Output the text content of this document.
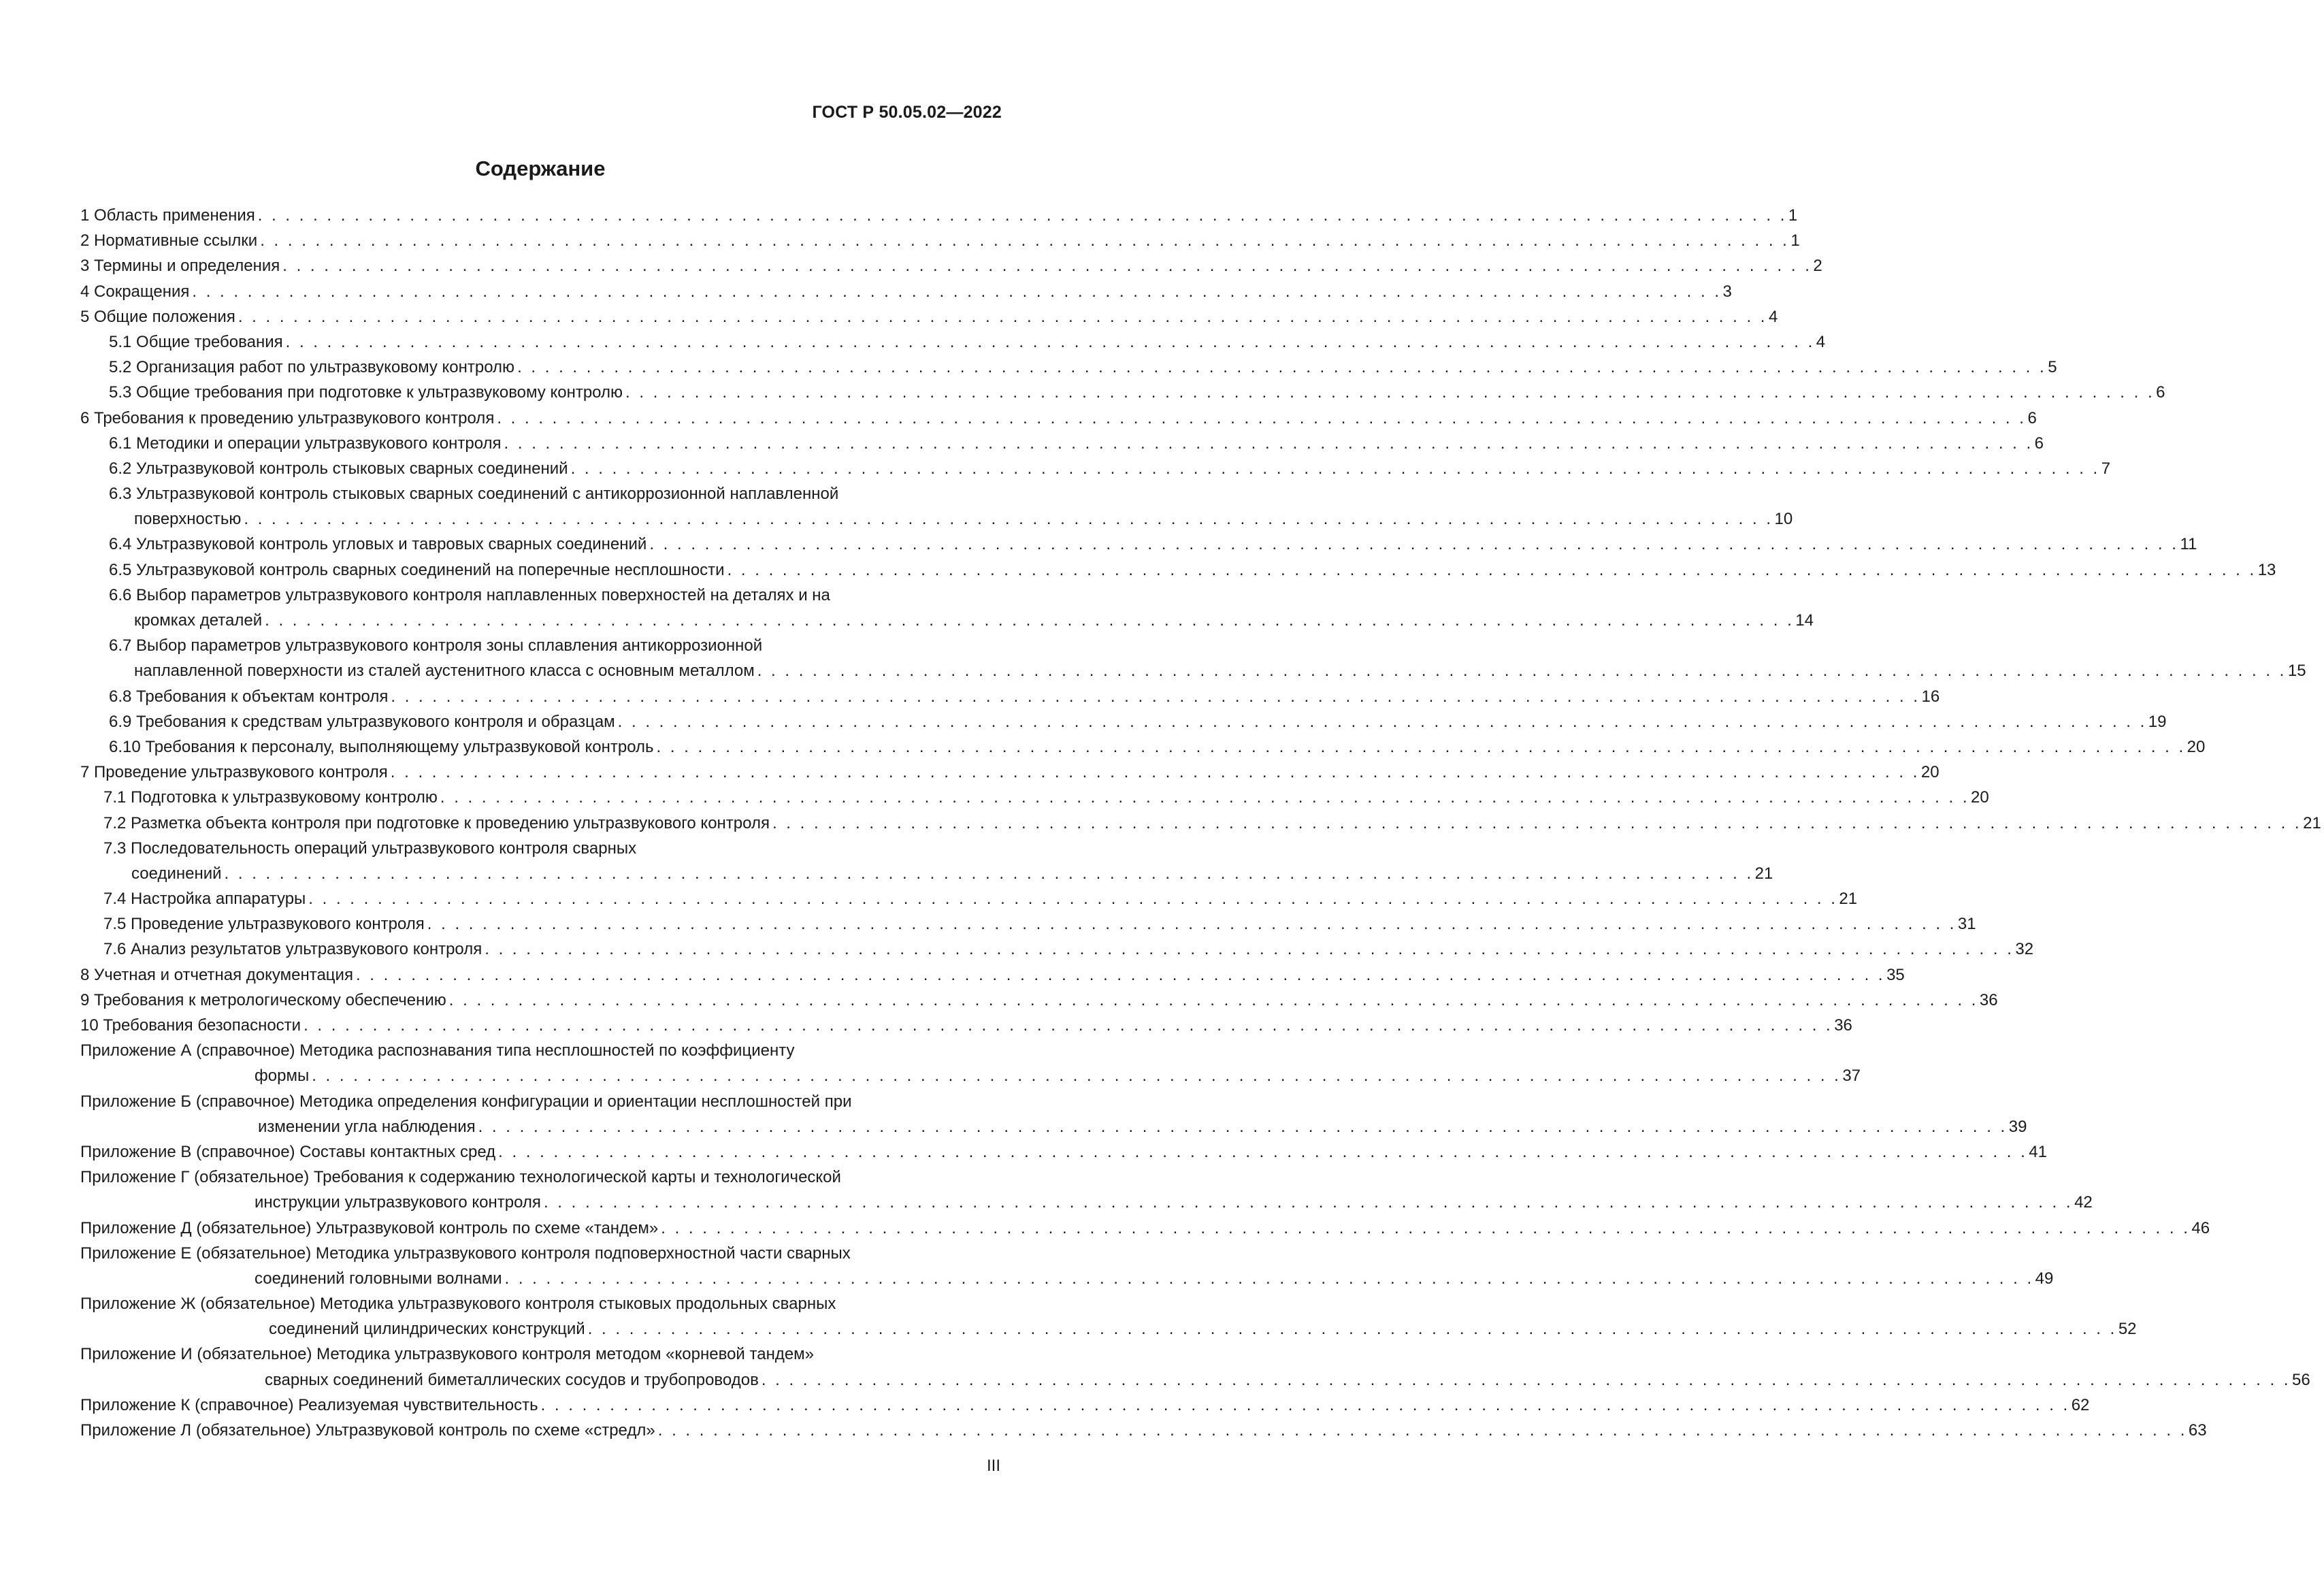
ГОСТ Р 50.05.02—2022

Содержание
1 Область применения . . . . . . . . . . . . . . . . . . . . . . . . . . . . . . . . . . . . . . . . . . . . . . . . . . . . . . . . . . . . . . . . . . . . . . . . . . . . . . . . . . . . . . . . . . . . . . . . . . . . . . . . . . . . . . . 1
2 Нормативные ссылки . . . . . . . . . . . . . . . . . . . . . . . . . . . . . . . . . . . . . . . . . . . . . . . . . . . . . . . . . . . . . . . . . . . . . . . . . . . . . . . . . . . . . . . . . . . . . . . . . . . . . . . . . . . . . . . 1
3 Термины и определения . . . . . . . . . . . . . . . . . . . . . . . . . . . . . . . . . . . . . . . . . . . . . . . . . . . . . . . . . . . . . . . . . . . . . . . . . . . . . . . . . . . . . . . . . . . . . . . . . . . . . . . . . . . . . . . 2
4 Сокращения . . . . . . . . . . . . . . . . . . . . . . . . . . . . . . . . . . . . . . . . . . . . . . . . . . . . . . . . . . . . . . . . . . . . . . . . . . . . . . . . . . . . . . . . . . . . . . . . . . . . . . . . . . . . . . . 3
5 Общие положения . . . . . . . . . . . . . . . . . . . . . . . . . . . . . . . . . . . . . . . . . . . . . . . . . . . . . . . . . . . . . . . . . . . . . . . . . . . . . . . . . . . . . . . . . . . . . . . . . . . . . . . . . . . . . . . 4
5.1 Общие требования . . . . . . . . . . . . . . . . . . . . . . . . . . . . . . . . . . . . . . . . . . . . . . . . . . . . . . . . . . . . . . . . . . . . . . . . . . . . . . . . . . . . . . . . . . . . . . . . . . . . . . . . . . . . . . . 4
5.2 Организация работ по ультразвуковому контролю . . . . . . . . . . . . . . . . . . . . . . . . . . . . . . . . . . . . . . . . . . . . . . . . . . . . . . . . . . . . . . . . . . . . . . . . . . . . . . . . . . . . . . . . . . . . . . . . . . . . . . . . . . . . . . . 5
5.3 Общие требования при подготовке к ультразвуковому контролю . . . . . . . . . . . . . . . . . . . . . . . . . . . . . . . . . . . . . . . . . . . . . . . . . . . . . . . . . . . . . . . . . . . . . . . . . . . . . . . . . . . . . . . . . . . . . . . . . . . . . . . . . . . . . . . 6
6 Требования к проведению ультразвукового контроля . . . . . . . . . . . . . . . . . . . . . . . . . . . . . . . . . . . . . . . . . . . . . . . . . . . . . . . . . . . . . . . . . . . . . . . . . . . . . . . . . . . . . . . . . . . . . . . . . . . . . . . . . . . . . . . 6
6.1 Методики и операции ультразвукового контроля . . . . . . . . . . . . . . . . . . . . . . . . . . . . . . . . . . . . . . . . . . . . . . . . . . . . . . . . . . . . . . . . . . . . . . . . . . . . . . . . . . . . . . . . . . . . . . . . . . . . . . . . . . . . . . . 6
6.2 Ультразвуковой контроль стыковых сварных соединений . . . . . . . . . . . . . . . . . . . . . . . . . . . . . . . . . . . . . . . . . . . . . . . . . . . . . . . . . . . . . . . . . . . . . . . . . . . . . . . . . . . . . . . . . . . . . . . . . . . . . . . . . . . . . . . 7
6.3 Ультразвуковой контроль стыковых сварных соединений с антикоррозионной наплавленной
поверхностью . . . . . . . . . . . . . . . . . . . . . . . . . . . . . . . . . . . . . . . . . . . . . . . . . . . . . . . . . . . . . . . . . . . . . . . . . . . . . . . . . . . . . . . . . . . . . . . . . . . . . . . . . . . . . . . 10
6.4 Ультразвуковой контроль угловых и тавровых сварных соединений . . . . . . . . . . . . . . . . . . . . . . . . . . . . . . . . . . . . . . . . . . . . . . . . . . . . . . . . . . . . . . . . . . . . . . . . . . . . . . . . . . . . . . . . . . . . . . . . . . . . . . . . . . . . . . . 11
6.5 Ультразвуковой контроль сварных соединений на поперечные несплошности . . . . . . . . . . . . . . . . . . . . . . . . . . . . . . . . . . . . . . . . . . . . . . . . . . . . . . . . . . . . . . . . . . . . . . . . . . . . . . . . . . . . . . . . . . . . . . . . . . . . . . . . . . . . . . . 13
6.6 Выбор параметров ультразвукового контроля наплавленных поверхностей на деталях и на
кромках деталей . . . . . . . . . . . . . . . . . . . . . . . . . . . . . . . . . . . . . . . . . . . . . . . . . . . . . . . . . . . . . . . . . . . . . . . . . . . . . . . . . . . . . . . . . . . . . . . . . . . . . . . . . . . . . . . 14
6.7 Выбор параметров ультразвукового контроля зоны сплавления антикоррозионной
наплавленной поверхности из сталей аустенитного класса с основным металлом . . . . . . . . . . . . . . . . . . . . . . . . . . . . . . . . . . . . . . . . . . . . . . . . . . . . . . . . . . . . . . . . . . . . . . . . . . . . . . . . . . . . . . . . . . . . . . . . . . . . . . . . . . . . . . . 15
6.8 Требования к объектам контроля . . . . . . . . . . . . . . . . . . . . . . . . . . . . . . . . . . . . . . . . . . . . . . . . . . . . . . . . . . . . . . . . . . . . . . . . . . . . . . . . . . . . . . . . . . . . . . . . . . . . . . . . . . . . . . . 16
6.9 Требования к средствам ультразвукового контроля и образцам . . . . . . . . . . . . . . . . . . . . . . . . . . . . . . . . . . . . . . . . . . . . . . . . . . . . . . . . . . . . . . . . . . . . . . . . . . . . . . . . . . . . . . . . . . . . . . . . . . . . . . . . . . . . . . . 19
6.10 Требования к персоналу, выполняющему ультразвуковой контроль . . . . . . . . . . . . . . . . . . . . . . . . . . . . . . . . . . . . . . . . . . . . . . . . . . . . . . . . . . . . . . . . . . . . . . . . . . . . . . . . . . . . . . . . . . . . . . . . . . . . . . . . . . . . . . . 20
7 Проведение ультразвукового контроля . . . . . . . . . . . . . . . . . . . . . . . . . . . . . . . . . . . . . . . . . . . . . . . . . . . . . . . . . . . . . . . . . . . . . . . . . . . . . . . . . . . . . . . . . . . . . . . . . . . . . . . . . . . . . . . 20
7.1 Подготовка к ультразвуковому контролю . . . . . . . . . . . . . . . . . . . . . . . . . . . . . . . . . . . . . . . . . . . . . . . . . . . . . . . . . . . . . . . . . . . . . . . . . . . . . . . . . . . . . . . . . . . . . . . . . . . . . . . . . . . . . . . 20
7.2 Разметка объекта контроля при подготовке к проведению ультразвукового контроля . . . . . . . . . . . . . . . . . . . . . . . . . . . . . . . . . . . . . . . . . . . . . . . . . . . . . . . . . . . . . . . . . . . . . . . . . . . . . . . . . . . . . . . . . . . . . . . . . . . . . . . . . . . . . . . 21
7.3 Последовательность операций ультразвукового контроля сварных
соединений . . . . . . . . . . . . . . . . . . . . . . . . . . . . . . . . . . . . . . . . . . . . . . . . . . . . . . . . . . . . . . . . . . . . . . . . . . . . . . . . . . . . . . . . . . . . . . . . . . . . . . . . . . . . . . . 21
7.4 Настройка аппаратуры . . . . . . . . . . . . . . . . . . . . . . . . . . . . . . . . . . . . . . . . . . . . . . . . . . . . . . . . . . . . . . . . . . . . . . . . . . . . . . . . . . . . . . . . . . . . . . . . . . . . . . . . . . . . . . . 21
7.5 Проведение ультразвукового контроля . . . . . . . . . . . . . . . . . . . . . . . . . . . . . . . . . . . . . . . . . . . . . . . . . . . . . . . . . . . . . . . . . . . . . . . . . . . . . . . . . . . . . . . . . . . . . . . . . . . . . . . . . . . . . . . 31
7.6 Анализ результатов ультразвукового контроля . . . . . . . . . . . . . . . . . . . . . . . . . . . . . . . . . . . . . . . . . . . . . . . . . . . . . . . . . . . . . . . . . . . . . . . . . . . . . . . . . . . . . . . . . . . . . . . . . . . . . . . . . . . . . . . 32
8 Учетная и отчетная документация . . . . . . . . . . . . . . . . . . . . . . . . . . . . . . . . . . . . . . . . . . . . . . . . . . . . . . . . . . . . . . . . . . . . . . . . . . . . . . . . . . . . . . . . . . . . . . . . . . . . . . . . . . . . . . . 35
9 Требования к метрологическому обеспечению . . . . . . . . . . . . . . . . . . . . . . . . . . . . . . . . . . . . . . . . . . . . . . . . . . . . . . . . . . . . . . . . . . . . . . . . . . . . . . . . . . . . . . . . . . . . . . . . . . . . . . . . . . . . . . . 36
10 Требования безопасности . . . . . . . . . . . . . . . . . . . . . . . . . . . . . . . . . . . . . . . . . . . . . . . . . . . . . . . . . . . . . . . . . . . . . . . . . . . . . . . . . . . . . . . . . . . . . . . . . . . . . . . . . . . . . . . 36
Приложение А (справочное) Методика распознавания типа несплошностей по коэффициенту
формы . . . . . . . . . . . . . . . . . . . . . . . . . . . . . . . . . . . . . . . . . . . . . . . . . . . . . . . . . . . . . . . . . . . . . . . . . . . . . . . . . . . . . . . . . . . . . . . . . . . . . . . . . . . . . . . 37
Приложение Б (справочное) Методика определения конфигурации и ориентации несплошностей при
изменении угла наблюдения . . . . . . . . . . . . . . . . . . . . . . . . . . . . . . . . . . . . . . . . . . . . . . . . . . . . . . . . . . . . . . . . . . . . . . . . . . . . . . . . . . . . . . . . . . . . . . . . . . . . . . . . . . . . . . . 39
Приложение В (справочное) Составы контактных сред . . . . . . . . . . . . . . . . . . . . . . . . . . . . . . . . . . . . . . . . . . . . . . . . . . . . . . . . . . . . . . . . . . . . . . . . . . . . . . . . . . . . . . . . . . . . . . . . . . . . . . . . . . . . . . . 41
Приложение Г (обязательное) Требования к содержанию технологической карты и технологической
инструкции ультразвукового контроля . . . . . . . . . . . . . . . . . . . . . . . . . . . . . . . . . . . . . . . . . . . . . . . . . . . . . . . . . . . . . . . . . . . . . . . . . . . . . . . . . . . . . . . . . . . . . . . . . . . . . . . . . . . . . . . 42
Приложение Д (обязательное) Ультразвуковой контроль по схеме «тандем» . . . . . . . . . . . . . . . . . . . . . . . . . . . . . . . . . . . . . . . . . . . . . . . . . . . . . . . . . . . . . . . . . . . . . . . . . . . . . . . . . . . . . . . . . . . . . . . . . . . . . . . . . . . . . . . 46
Приложение Е (обязательное) Методика ультразвукового контроля подповерхностной части сварных
соединений головными волнами . . . . . . . . . . . . . . . . . . . . . . . . . . . . . . . . . . . . . . . . . . . . . . . . . . . . . . . . . . . . . . . . . . . . . . . . . . . . . . . . . . . . . . . . . . . . . . . . . . . . . . . . . . . . . . . 49
Приложение Ж (обязательное) Методика ультразвукового контроля стыковых продольных сварных
соединений цилиндрических конструкций . . . . . . . . . . . . . . . . . . . . . . . . . . . . . . . . . . . . . . . . . . . . . . . . . . . . . . . . . . . . . . . . . . . . . . . . . . . . . . . . . . . . . . . . . . . . . . . . . . . . . . . . . . . . . . . 52
Приложение И (обязательное) Методика ультразвукового контроля методом «корневой тандем»
сварных соединений биметаллических сосудов и трубопроводов . . . . . . . . . . . . . . . . . . . . . . . . . . . . . . . . . . . . . . . . . . . . . . . . . . . . . . . . . . . . . . . . . . . . . . . . . . . . . . . . . . . . . . . . . . . . . . . . . . . . . . . . . . . . . . . 56
Приложение К (справочное) Реализуемая чувствительность . . . . . . . . . . . . . . . . . . . . . . . . . . . . . . . . . . . . . . . . . . . . . . . . . . . . . . . . . . . . . . . . . . . . . . . . . . . . . . . . . . . . . . . . . . . . . . . . . . . . . . . . . . . . . . . 62
Приложение Л (обязательное) Ультразвуковой контроль по схеме «стредл» . . . . . . . . . . . . . . . . . . . . . . . . . . . . . . . . . . . . . . . . . . . . . . . . . . . . . . . . . . . . . . . . . . . . . . . . . . . . . . . . . . . . . . . . . . . . . . . . . . . . . . . . . . . . . . . 63

III
